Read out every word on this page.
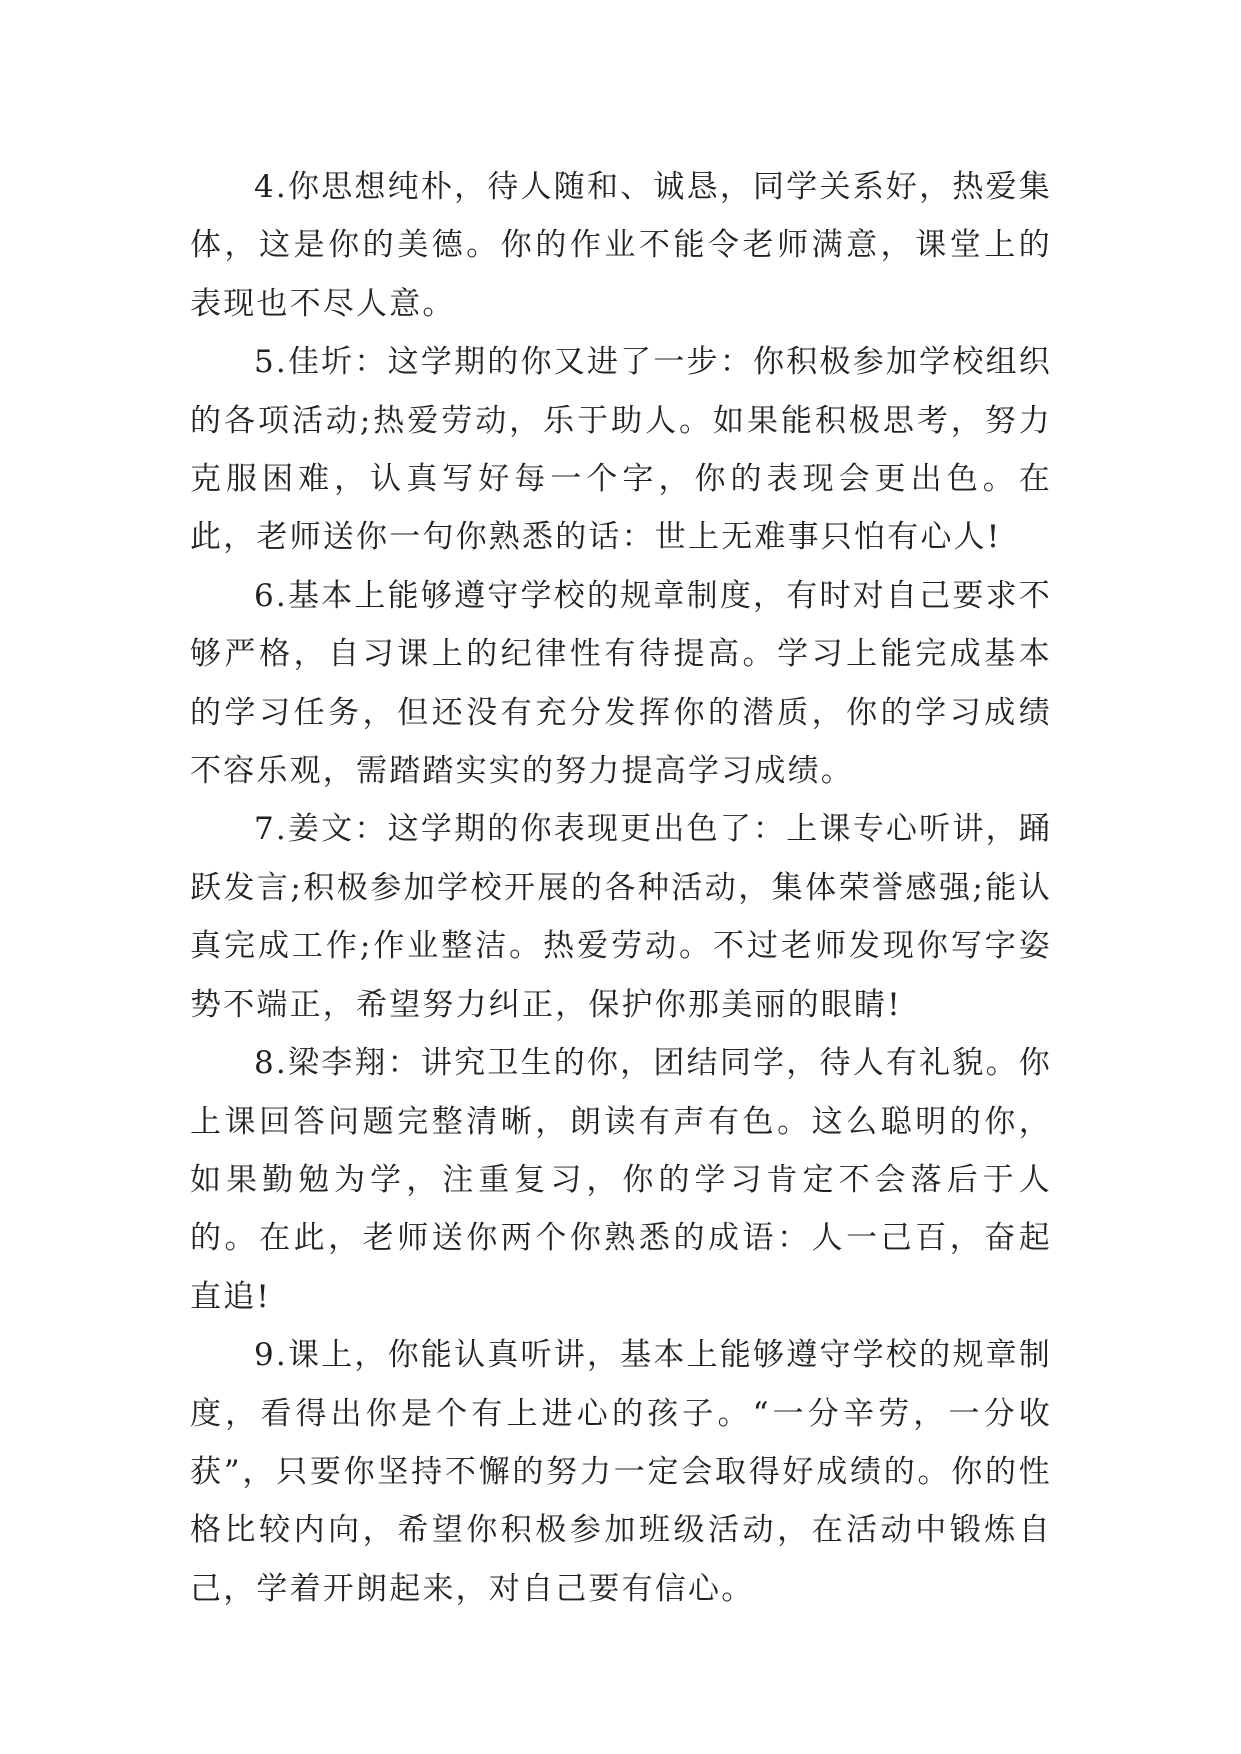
4.你思想纯朴，待人随和、诚恳，同学关系好，热爱集体，这是你的美德。你的作业不能令老师满意，课堂上的表现也不尽人意。

5.佳圻：这学期的你又进了一步：你积极参加学校组织的各项活动;热爱劳动，乐于助人。如果能积极思考，努力克服困难，认真写好每一个字，你的表现会更出色。在此，老师送你一句你熟悉的话：世上无难事只怕有心人!

6.基本上能够遵守学校的规章制度，有时对自己要求不够严格，自习课上的纪律性有待提高。学习上能完成基本的学习任务，但还没有充分发挥你的潜质，你的学习成绩不容乐观，需踏踏实实的努力提高学习成绩。

7.姜文：这学期的你表现更出色了：上课专心听讲，踊跃发言;积极参加学校开展的各种活动，集体荣誉感强;能认真完成工作;作业整洁。热爱劳动。不过老师发现你写字姿势不端正，希望努力纠正，保护你那美丽的眼睛!

8.梁李翔：讲究卫生的你，团结同学，待人有礼貌。你上课回答问题完整清晰，朗读有声有色。这么聪明的你，如果勤勉为学，注重复习，你的学习肯定不会落后于人的。在此，老师送你两个你熟悉的成语：人一己百，奋起直追!

9.课上，你能认真听讲，基本上能够遵守学校的规章制度，看得出你是个有上进心的孩子。“一分辛劳，一分收获”，只要你坚持不懈的努力一定会取得好成绩的。你的性格比较内向，希望你积极参加班级活动，在活动中锻炼自己，学着开朗起来，对自己要有信心。
